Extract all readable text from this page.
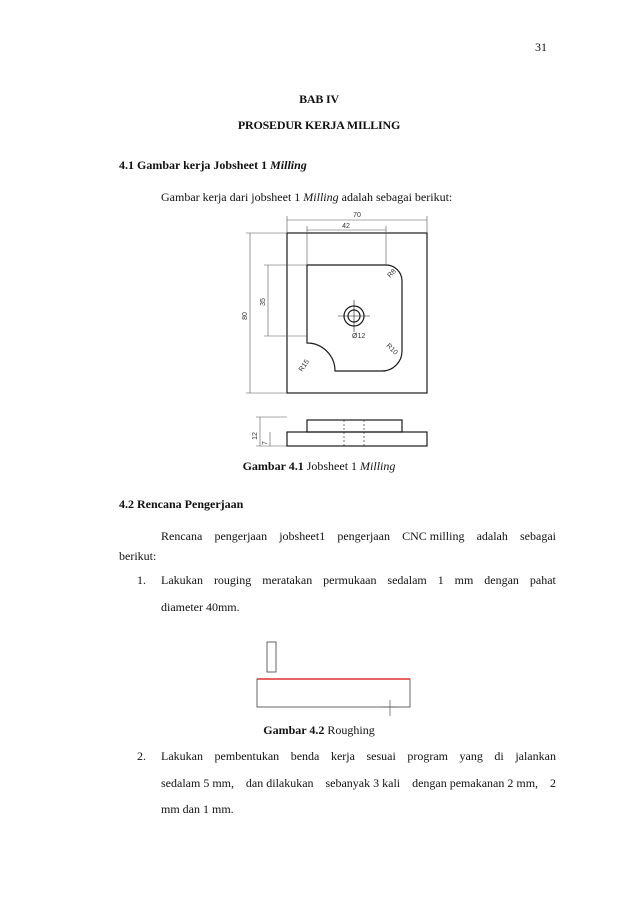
31
BAB IV
PROSEDUR KERJA MILLING
4.1 Gambar kerja Jobsheet 1 Milling
Gambar kerja dari jobsheet 1 Milling adalah sebagai berikut:
70
42
80
35
R8
R10
R15
Ø12
12
7
Gambar 4.1 Jobsheet 1 Milling
4.2 Rencana Pengerjaan
Rencana pengerjaan jobsheet1 pengerjaan CNC milling adalah sebagai
berikut:
1. Lakukan rouging meratakan permukaan sedalam 1 mm dengan pahat
diameter 40mm.
Gambar 4.2 Roughing
2. Lakukan pembentukan benda kerja sesuai program yang di jalankan
sedalam 5 mm, dan dilakukan sebanyak 3 kali dengan pemakanan 2 mm, 2
mm dan 1 mm.
